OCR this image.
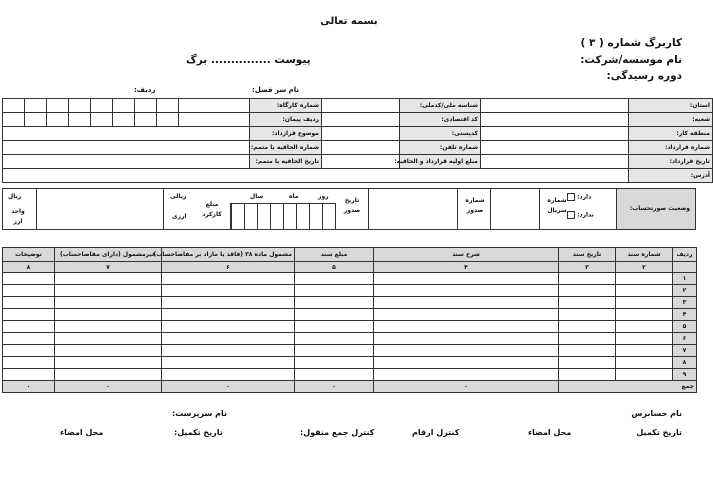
بسمه تعالی
کاربرگ شماره ( ۳ )
نام موسسه/شرکت:
دوره رسیدگی:
پیوست ............... برگ
نام سر فصل:
ردیف:
استان:		شناسه ملی/کدملی:		شماره کارگاه:									
شعبه:		کد اقتصادی:		ردیف پیمان:									
منطقه کار:		کدپستی:		موضوع قرارداد:									
شماره قرارداد:		شماره تلفن:		شماره الحاقیه یا متمم:									
تاریخ قرارداد:		مبلغ اولیه قرارداد و الحاقیه:		تاریخ الحاقیه یا متمم:									
آدرس:													
وضعیت صورتحساب:
دارد:
ندارد:
شماره سریال
شماره صدور
تاریخ صدور
روز
ماه
سال
مبلغ کارکرد
ریالی
ارزی
ریال
واحد ارز
ردیف	شماره سند	تاریخ سند	شرح سند	مبلغ سند	مشمول ماده ۳۸ (فاقد یا مازاد بر مفاصاحساب)	غیرمشمول (دارای مفاصاحساب)	توضیحات
	۲	۳	۴	۵	۶	۷	۸
۱							
۲							
۳							
۴							
۵							
۶							
۷							
۸							
۹							
جمع			۰	۰	۰	۰	۰
نام حسابرس
نام سرپرست:
تاریخ تکمیل
محل امضاء
کنترل ارقام
کنترل جمع منقول:
تاریخ تکمیل:
محل امضاء
